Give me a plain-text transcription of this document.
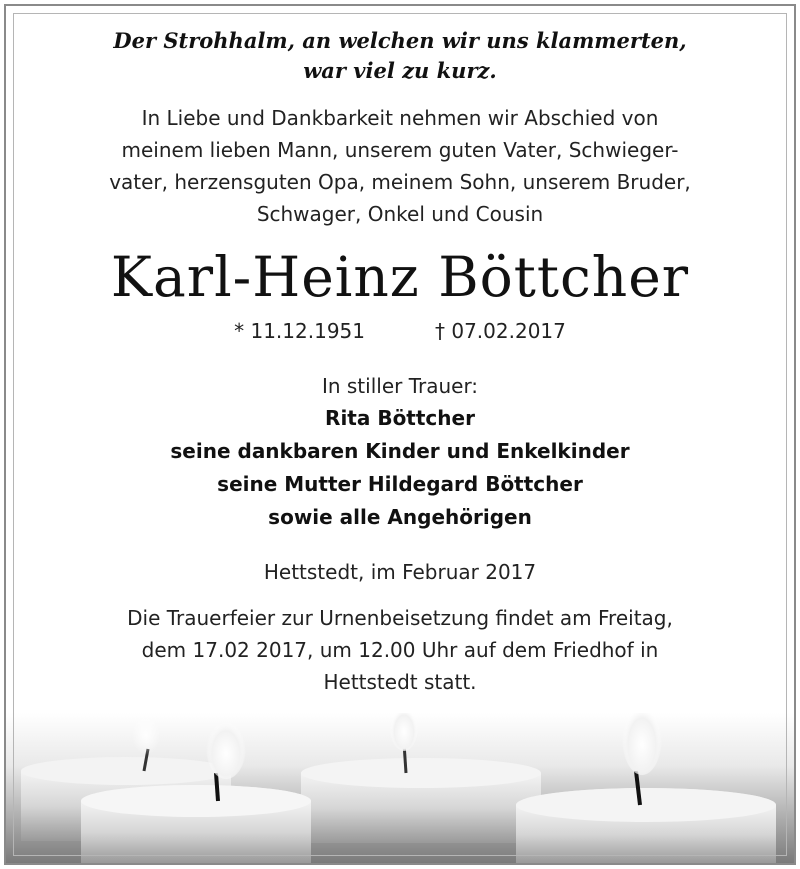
Der Strohhalm, an welchen wir uns klammerten,
war viel zu kurz.
In Liebe und Dankbarkeit nehmen wir Abschied von
meinem lieben Mann, unserem guten Vater, Schwieger-
vater, herzensguten Opa, meinem Sohn, unserem Bruder,
Schwager, Onkel und Cousin
Karl-Heinz Böttcher
* 11.12.1951	† 07.02.2017
In stiller Trauer:
Rita Böttcher
seine dankbaren Kinder und Enkelkinder
seine Mutter Hildegard Böttcher
sowie alle Angehörigen
Hettstedt, im Februar 2017
Die Trauerfeier zur Urnenbeisetzung findet am Freitag,
dem 17.02 2017, um 12.00 Uhr auf dem Friedhof in
Hettstedt statt.
